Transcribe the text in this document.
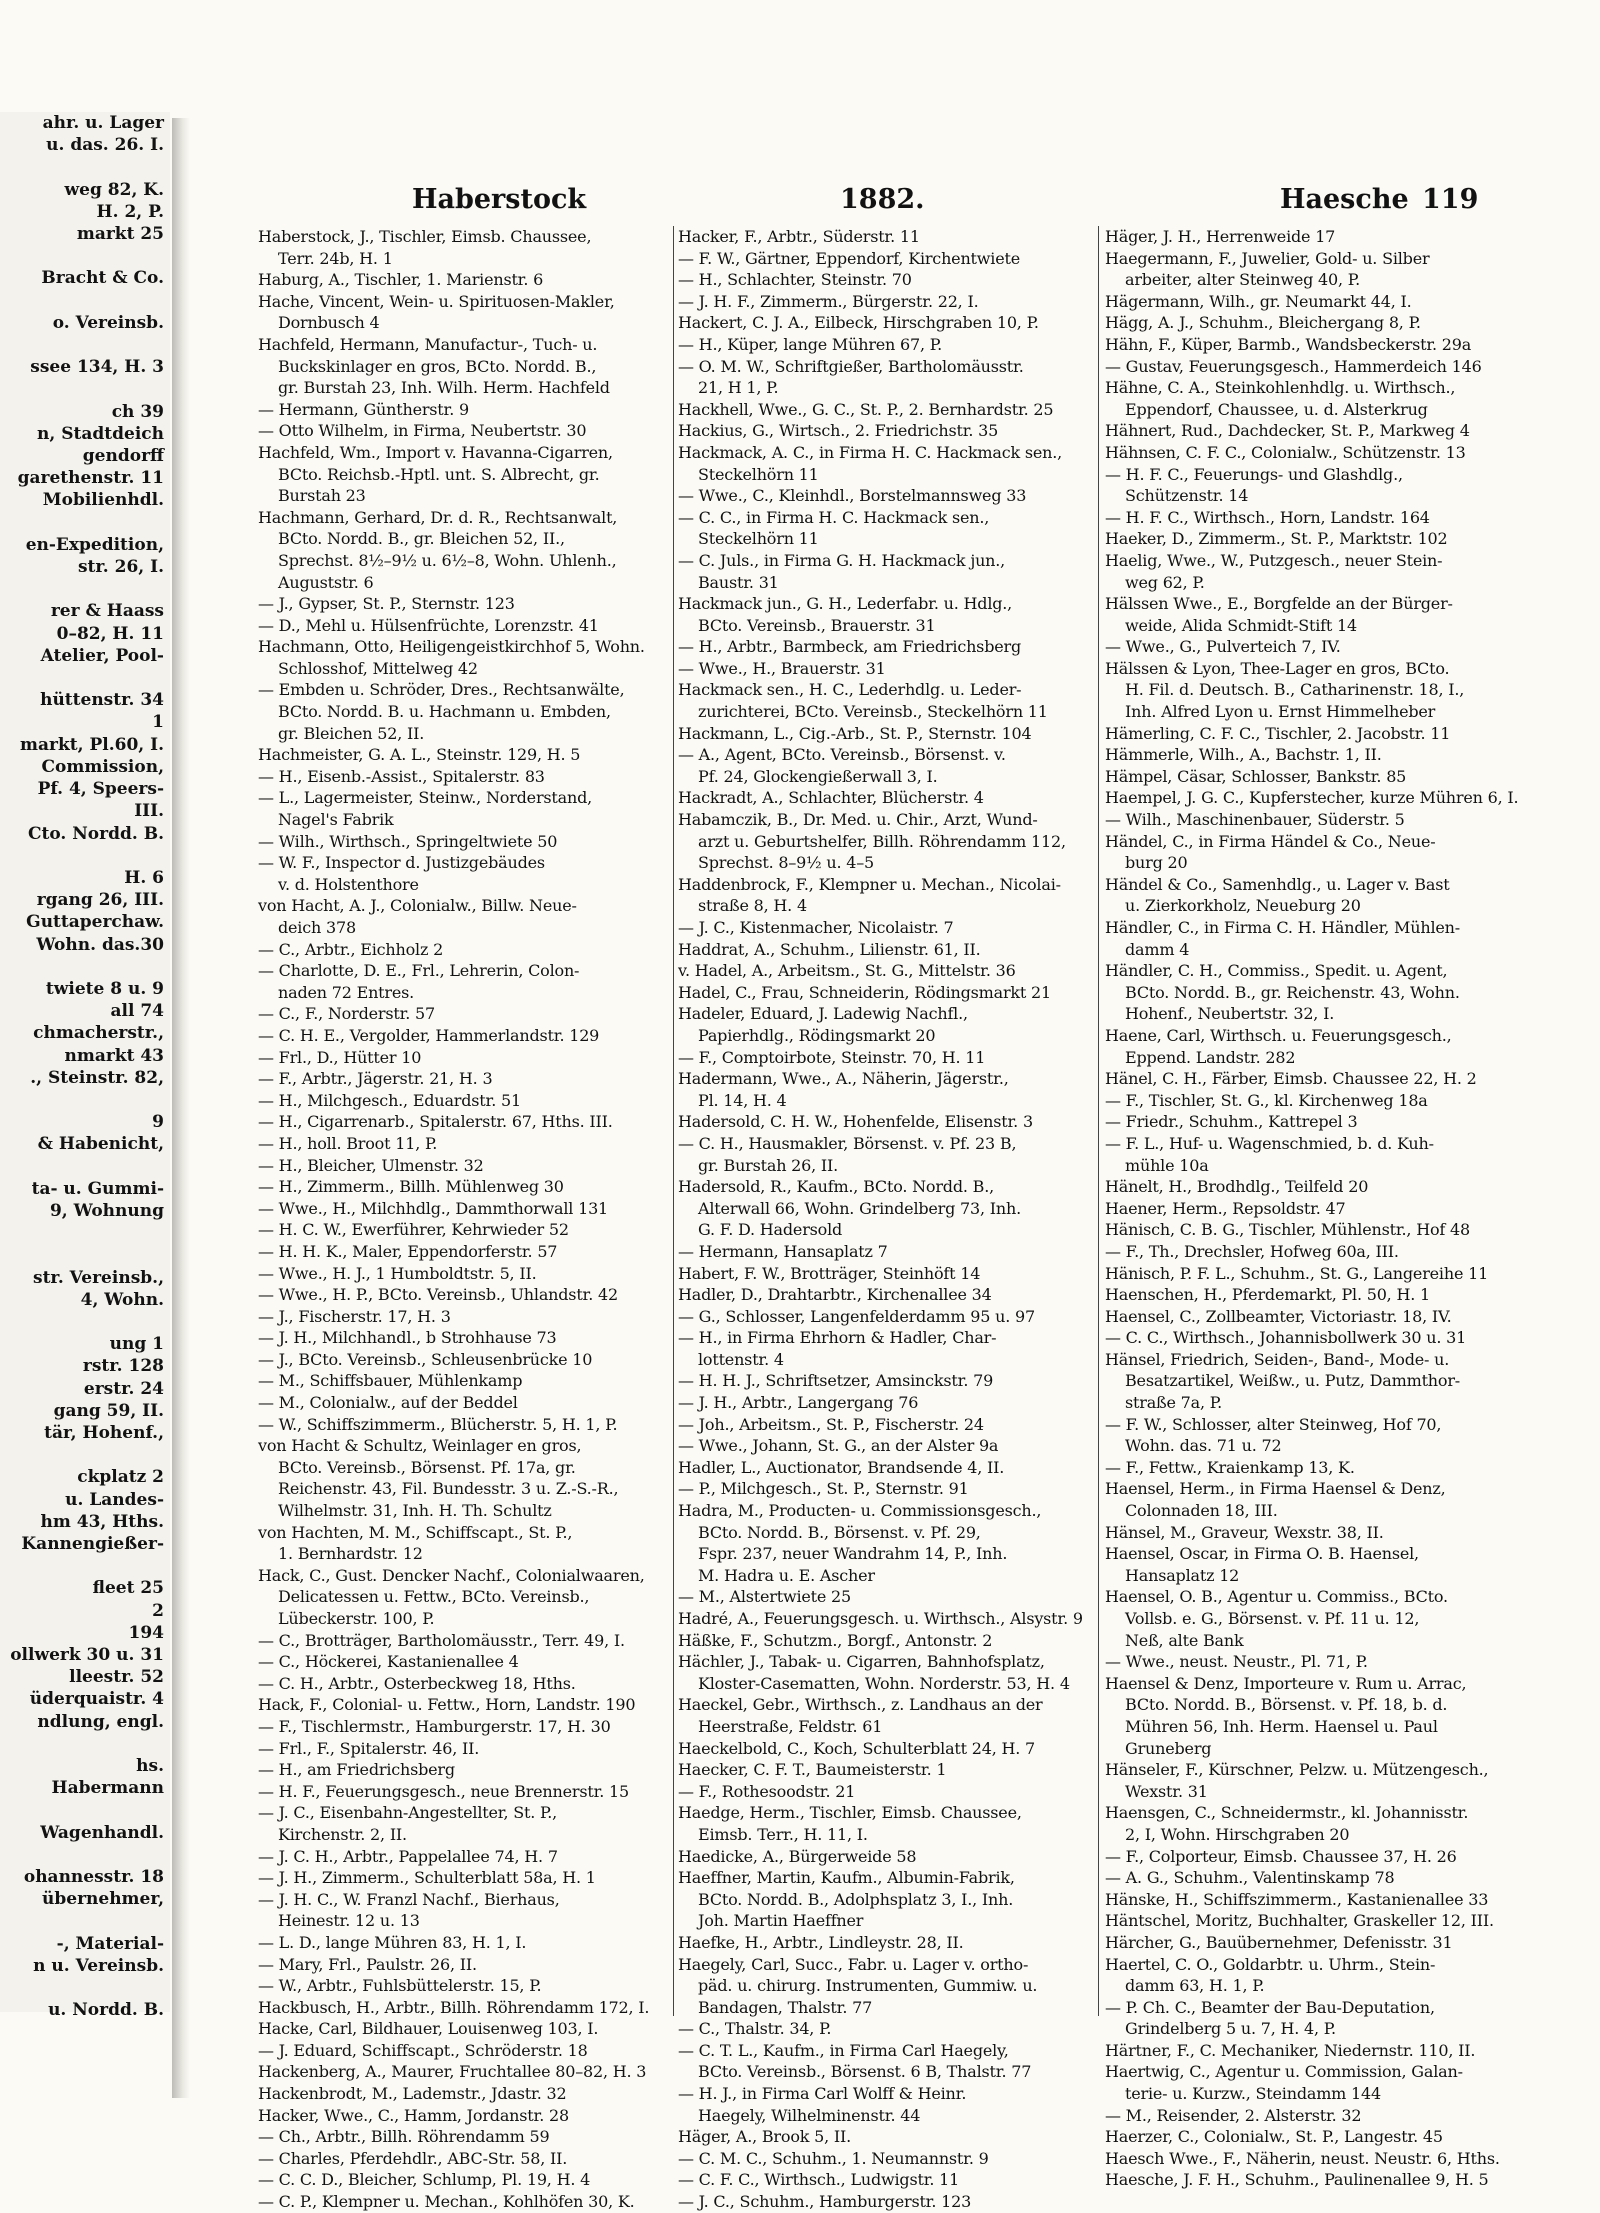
ahr. u. Lager
u. das. 26. I.

weg 82, K.
H. 2, P.
markt 25

Bracht & Co.

o. Vereinsb.

ssee 134, H. 3

ch 39
n, Stadtdeich
gendorff
garethenstr. 11
Mobilienhdl.

en-Expedition,
str. 26, I.

rer & Haass
0–82, H. 11
Atelier, Pool-

hüttenstr. 34
1
markt, Pl.60, I.
Commission,
Pf. 4, Speers-
III.
Cto. Nordd. B.

H. 6
rgang 26, III.
Guttaperchaw.
Wohn. das.30

twiete 8 u. 9
all 74
chmacherstr.,
nmarkt 43
., Steinstr. 82,

9
& Habenicht,

ta- u. Gummi-
9, Wohnung

str. Vereinsb.,
4, Wohn.

ung 1
rstr. 128
erstr. 24
gang 59, II.
tär, Hohenf.,

ckplatz 2
u. Landes-
hm 43, Hths.
Kannengießer-

fleet 25
2
194
ollwerk 30 u. 31
lleestr. 52
üderquaistr. 4
ndlung, engl.

hs.
Habermann

Wagenhandl.

ohannesstr. 18
übernehmer,

-, Material-
n u. Vereinsb.

u. Nordd. B.
Haberstock	1882.	Haesche 119
Haberstock, J., Tischler, Eimsb. Chaussee,
Terr. 24b, H. 1
Haburg, A., Tischler, 1. Marienstr. 6
Hache, Vincent, Wein- u. Spirituosen-Makler,
Dornbusch 4
Hachfeld, Hermann, Manufactur-, Tuch- u.
Buckskinlager en gros, BCto. Nordd. B.,
gr. Burstah 23, Inh. Wilh. Herm. Hachfeld
— Hermann, Güntherstr. 9
— Otto Wilhelm, in Firma, Neubertstr. 30
Hachfeld, Wm., Import v. Havanna-Cigarren,
BCto. Reichsb.-Hptl. unt. S. Albrecht, gr.
Burstah 23
Hachmann, Gerhard, Dr. d. R., Rechtsanwalt,
BCto. Nordd. B., gr. Bleichen 52, II.,
Sprechst. 8½–9½ u. 6½–8, Wohn. Uhlenh.,
Auguststr. 6
— J., Gypser, St. P., Sternstr. 123
— D., Mehl u. Hülsenfrüchte, Lorenzstr. 41
Hachmann, Otto, Heiligengeistkirchhof 5, Wohn.
Schlosshof, Mittelweg 42
— Embden u. Schröder, Dres., Rechtsanwälte,
BCto. Nordd. B. u. Hachmann u. Embden,
gr. Bleichen 52, II.
Hachmeister, G. A. L., Steinstr. 129, H. 5
— H., Eisenb.-Assist., Spitalerstr. 83
— L., Lagermeister, Steinw., Norderstand,
Nagel's Fabrik
— Wilh., Wirthsch., Springeltwiete 50
— W. F., Inspector d. Justizgebäudes
v. d. Holstenthore
von Hacht, A. J., Colonialw., Billw. Neue-
deich 378
— C., Arbtr., Eichholz 2
— Charlotte, D. E., Frl., Lehrerin, Colon-
naden 72 Entres.
— C., F., Norderstr. 57
— C. H. E., Vergolder, Hammerlandstr. 129
— Frl., D., Hütter 10
— F., Arbtr., Jägerstr. 21, H. 3
— H., Milchgesch., Eduardstr. 51
— H., Cigarrenarb., Spitalerstr. 67, Hths. III.
— H., holl. Broot 11, P.
— H., Bleicher, Ulmenstr. 32
— H., Zimmerm., Billh. Mühlenweg 30
— Wwe., H., Milchhdlg., Dammthorwall 131
— H. C. W., Ewerführer, Kehrwieder 52
— H. H. K., Maler, Eppendorferstr. 57
— Wwe., H. J., 1 Humboldtstr. 5, II.
— Wwe., H. P., BCto. Vereinsb., Uhlandstr. 42
— J., Fischerstr. 17, H. 3
— J. H., Milchhandl., b Strohhause 73
— J., BCto. Vereinsb., Schleusenbrücke 10
— M., Schiffsbauer, Mühlenkamp
— M., Colonialw., auf der Beddel
— W., Schiffszimmerm., Blücherstr. 5, H. 1, P.
von Hacht & Schultz, Weinlager en gros,
BCto. Vereinsb., Börsenst. Pf. 17a, gr.
Reichenstr. 43, Fil. Bundesstr. 3 u. Z.-S.-R.,
Wilhelmstr. 31, Inh. H. Th. Schultz
von Hachten, M. M., Schiffscapt., St. P.,
1. Bernhardstr. 12
Hack, C., Gust. Dencker Nachf., Colonialwaaren,
Delicatessen u. Fettw., BCto. Vereinsb.,
Lübeckerstr. 100, P.
— C., Brotträger, Bartholomäusstr., Terr. 49, I.
— C., Höckerei, Kastanienallee 4
— C. H., Arbtr., Osterbeckweg 18, Hths.
Hack, F., Colonial- u. Fettw., Horn, Landstr. 190
— F., Tischlermstr., Hamburgerstr. 17, H. 30
— Frl., F., Spitalerstr. 46, II.
— H., am Friedrichsberg
— H. F., Feuerungsgesch., neue Brennerstr. 15
— J. C., Eisenbahn-Angestellter, St. P.,
Kirchenstr. 2, II.
— J. C. H., Arbtr., Pappelallee 74, H. 7
— J. H., Zimmerm., Schulterblatt 58a, H. 1
— J. H. C., W. Franzl Nachf., Bierhaus,
Heinestr. 12 u. 13
— L. D., lange Mühren 83, H. 1, I.
— Mary, Frl., Paulstr. 26, II.
— W., Arbtr., Fuhlsbüttelerstr. 15, P.
Hackbusch, H., Arbtr., Billh. Röhrendamm 172, I.
Hacke, Carl, Bildhauer, Louisenweg 103, I.
— J. Eduard, Schiffscapt., Schröderstr. 18
Hackenberg, A., Maurer, Fruchtallee 80–82, H. 3
Hackenbrodt, M., Lademstr., Jdastr. 32
Hacker, Wwe., C., Hamm, Jordanstr. 28
— Ch., Arbtr., Billh. Röhrendamm 59
— Charles, Pferdehdlr., ABC-Str. 58, II.
— C. C. D., Bleicher, Schlump, Pl. 19, H. 4
— C. P., Klempner u. Mechan., Kohlhöfen 30, K.
Hacker, F., Arbtr., Süderstr. 11
— F. W., Gärtner, Eppendorf, Kirchentwiete
— H., Schlachter, Steinstr. 70
— J. H. F., Zimmerm., Bürgerstr. 22, I.
Hackert, C. J. A., Eilbeck, Hirschgraben 10, P.
— H., Küper, lange Mühren 67, P.
— O. M. W., Schriftgießer, Bartholomäusstr.
21, H 1, P.
Hackhell, Wwe., G. C., St. P., 2. Bernhardstr. 25
Hackius, G., Wirtsch., 2. Friedrichstr. 35
Hackmack, A. C., in Firma H. C. Hackmack sen.,
Steckelhörn 11
— Wwe., C., Kleinhdl., Borstelmannsweg 33
— C. C., in Firma H. C. Hackmack sen.,
Steckelhörn 11
— C. Juls., in Firma G. H. Hackmack jun.,
Baustr. 31
Hackmack jun., G. H., Lederfabr. u. Hdlg.,
BCto. Vereinsb., Brauerstr. 31
— H., Arbtr., Barmbeck, am Friedrichsberg
— Wwe., H., Brauerstr. 31
Hackmack sen., H. C., Lederhdlg. u. Leder-
zurichterei, BCto. Vereinsb., Steckelhörn 11
Hackmann, L., Cig.-Arb., St. P., Sternstr. 104
— A., Agent, BCto. Vereinsb., Börsenst. v.
Pf. 24, Glockengießerwall 3, I.
Hackradt, A., Schlachter, Blücherstr. 4
Habamczik, B., Dr. Med. u. Chir., Arzt, Wund-
arzt u. Geburtshelfer, Billh. Röhrendamm 112,
Sprechst. 8–9½ u. 4–5
Haddenbrock, F., Klempner u. Mechan., Nicolai-
straße 8, H. 4
— J. C., Kistenmacher, Nicolaistr. 7
Haddrat, A., Schuhm., Lilienstr. 61, II.
v. Hadel, A., Arbeitsm., St. G., Mittelstr. 36
Hadel, C., Frau, Schneiderin, Rödingsmarkt 21
Hadeler, Eduard, J. Ladewig Nachfl.,
Papierhdlg., Rödingsmarkt 20
— F., Comptoirbote, Steinstr. 70, H. 11
Hadermann, Wwe., A., Näherin, Jägerstr.,
Pl. 14, H. 4
Hadersold, C. H. W., Hohenfelde, Elisenstr. 3
— C. H., Hausmakler, Börsenst. v. Pf. 23 B,
gr. Burstah 26, II.
Hadersold, R., Kaufm., BCto. Nordd. B.,
Alterwall 66, Wohn. Grindelberg 73, Inh.
G. F. D. Hadersold
— Hermann, Hansaplatz 7
Habert, F. W., Brotträger, Steinhöft 14
Hadler, D., Drahtarbtr., Kirchenallee 34
— G., Schlosser, Langenfelderdamm 95 u. 97
— H., in Firma Ehrhorn & Hadler, Char-
lottenstr. 4
— H. H. J., Schriftsetzer, Amsinckstr. 79
— J. H., Arbtr., Langergang 76
— Joh., Arbeitsm., St. P., Fischerstr. 24
— Wwe., Johann, St. G., an der Alster 9a
Hadler, L., Auctionator, Brandsende 4, II.
— P., Milchgesch., St. P., Sternstr. 91
Hadra, M., Producten- u. Commissionsgesch.,
BCto. Nordd. B., Börsenst. v. Pf. 29,
Fspr. 237, neuer Wandrahm 14, P., Inh.
M. Hadra u. E. Ascher
— M., Alstertwiete 25
Hadré, A., Feuerungsgesch. u. Wirthsch., Alsystr. 9
Häßke, F., Schutzm., Borgf., Antonstr. 2
Hächler, J., Tabak- u. Cigarren, Bahnhofsplatz,
Kloster-Casematten, Wohn. Norderstr. 53, H. 4
Haeckel, Gebr., Wirthsch., z. Landhaus an der
Heerstraße, Feldstr. 61
Haeckelbold, C., Koch, Schulterblatt 24, H. 7
Haecker, C. F. T., Baumeisterstr. 1
— F., Rothesoodstr. 21
Haedge, Herm., Tischler, Eimsb. Chaussee,
Eimsb. Terr., H. 11, I.
Haedicke, A., Bürgerweide 58
Haeffner, Martin, Kaufm., Albumin-Fabrik,
BCto. Nordd. B., Adolphsplatz 3, I., Inh.
Joh. Martin Haeffner
Haefke, H., Arbtr., Lindleystr. 28, II.
Haegely, Carl, Succ., Fabr. u. Lager v. ortho-
päd. u. chirurg. Instrumenten, Gummiw. u.
Bandagen, Thalstr. 77
— C., Thalstr. 34, P.
— C. T. L., Kaufm., in Firma Carl Haegely,
BCto. Vereinsb., Börsenst. 6 B, Thalstr. 77
— H. J., in Firma Carl Wolff & Heinr.
Haegely, Wilhelminenstr. 44
Häger, A., Brook 5, II.
— C. M. C., Schuhm., 1. Neumannstr. 9
— C. F. C., Wirthsch., Ludwigstr. 11
— J. C., Schuhm., Hamburgerstr. 123
Häger, J. H., Herrenweide 17
Haegermann, F., Juwelier, Gold- u. Silber
arbeiter, alter Steinweg 40, P.
Hägermann, Wilh., gr. Neumarkt 44, I.
Hägg, A. J., Schuhm., Bleichergang 8, P.
Hähn, F., Küper, Barmb., Wandsbeckerstr. 29a
— Gustav, Feuerungsgesch., Hammerdeich 146
Hähne, C. A., Steinkohlenhdlg. u. Wirthsch.,
Eppendorf, Chaussee, u. d. Alsterkrug
Hähnert, Rud., Dachdecker, St. P., Markweg 4
Hähnsen, C. F. C., Colonialw., Schützenstr. 13
— H. F. C., Feuerungs- und Glashdlg.,
Schützenstr. 14
— H. F. C., Wirthsch., Horn, Landstr. 164
Haeker, D., Zimmerm., St. P., Marktstr. 102
Haelig, Wwe., W., Putzgesch., neuer Stein-
weg 62, P.
Hälssen Wwe., E., Borgfelde an der Bürger-
weide, Alida Schmidt-Stift 14
— Wwe., G., Pulverteich 7, IV.
Hälssen & Lyon, Thee-Lager en gros, BCto.
H. Fil. d. Deutsch. B., Catharinenstr. 18, I.,
Inh. Alfred Lyon u. Ernst Himmelheber
Hämerling, C. F. C., Tischler, 2. Jacobstr. 11
Hämmerle, Wilh., A., Bachstr. 1, II.
Hämpel, Cäsar, Schlosser, Bankstr. 85
Haempel, J. G. C., Kupferstecher, kurze Mühren 6, I.
— Wilh., Maschinenbauer, Süderstr. 5
Händel, C., in Firma Händel & Co., Neue-
burg 20
Händel & Co., Samenhdlg., u. Lager v. Bast
u. Zierkorkholz, Neueburg 20
Händler, C., in Firma C. H. Händler, Mühlen-
damm 4
Händler, C. H., Commiss., Spedit. u. Agent,
BCto. Nordd. B., gr. Reichenstr. 43, Wohn.
Hohenf., Neubertstr. 32, I.
Haene, Carl, Wirthsch. u. Feuerungsgesch.,
Eppend. Landstr. 282
Hänel, C. H., Färber, Eimsb. Chaussee 22, H. 2
— F., Tischler, St. G., kl. Kirchenweg 18a
— Friedr., Schuhm., Kattrepel 3
— F. L., Huf- u. Wagenschmied, b. d. Kuh-
mühle 10a
Hänelt, H., Brodhdlg., Teilfeld 20
Haener, Herm., Repsoldstr. 47
Hänisch, C. B. G., Tischler, Mühlenstr., Hof 48
— F., Th., Drechsler, Hofweg 60a, III.
Hänisch, P. F. L., Schuhm., St. G., Langereihe 11
Haenschen, H., Pferdemarkt, Pl. 50, H. 1
Haensel, C., Zollbeamter, Victoriastr. 18, IV.
— C. C., Wirthsch., Johannisbollwerk 30 u. 31
Hänsel, Friedrich, Seiden-, Band-, Mode- u.
Besatzartikel, Weißw., u. Putz, Dammthor-
straße 7a, P.
— F. W., Schlosser, alter Steinweg, Hof 70,
Wohn. das. 71 u. 72
— F., Fettw., Kraienkamp 13, K.
Haensel, Herm., in Firma Haensel & Denz,
Colonnaden 18, III.
Hänsel, M., Graveur, Wexstr. 38, II.
Haensel, Oscar, in Firma O. B. Haensel,
Hansaplatz 12
Haensel, O. B., Agentur u. Commiss., BCto.
Vollsb. e. G., Börsenst. v. Pf. 11 u. 12,
Neß, alte Bank
— Wwe., neust. Neustr., Pl. 71, P.
Haensel & Denz, Importeure v. Rum u. Arrac,
BCto. Nordd. B., Börsenst. v. Pf. 18, b. d.
Mühren 56, Inh. Herm. Haensel u. Paul
Gruneberg
Hänseler, F., Kürschner, Pelzw. u. Mützengesch.,
Wexstr. 31
Haensgen, C., Schneidermstr., kl. Johannisstr.
2, I, Wohn. Hirschgraben 20
— F., Colporteur, Eimsb. Chaussee 37, H. 26
— A. G., Schuhm., Valentinskamp 78
Hänske, H., Schiffszimmerm., Kastanienallee 33
Häntschel, Moritz, Buchhalter, Graskeller 12, III.
Härcher, G., Bauübernehmer, Defenisstr. 31
Haertel, C. O., Goldarbtr. u. Uhrm., Stein-
damm 63, H. 1, P.
— P. Ch. C., Beamter der Bau-Deputation,
Grindelberg 5 u. 7, H. 4, P.
Härtner, F., C. Mechaniker, Niedernstr. 110, II.
Haertwig, C., Agentur u. Commission, Galan-
terie- u. Kurzw., Steindamm 144
— M., Reisender, 2. Alsterstr. 32
Haerzer, C., Colonialw., St. P., Langestr. 45
Haesch Wwe., F., Näherin, neust. Neustr. 6, Hths.
Haesche, J. F. H., Schuhm., Paulinenallee 9, H. 5
